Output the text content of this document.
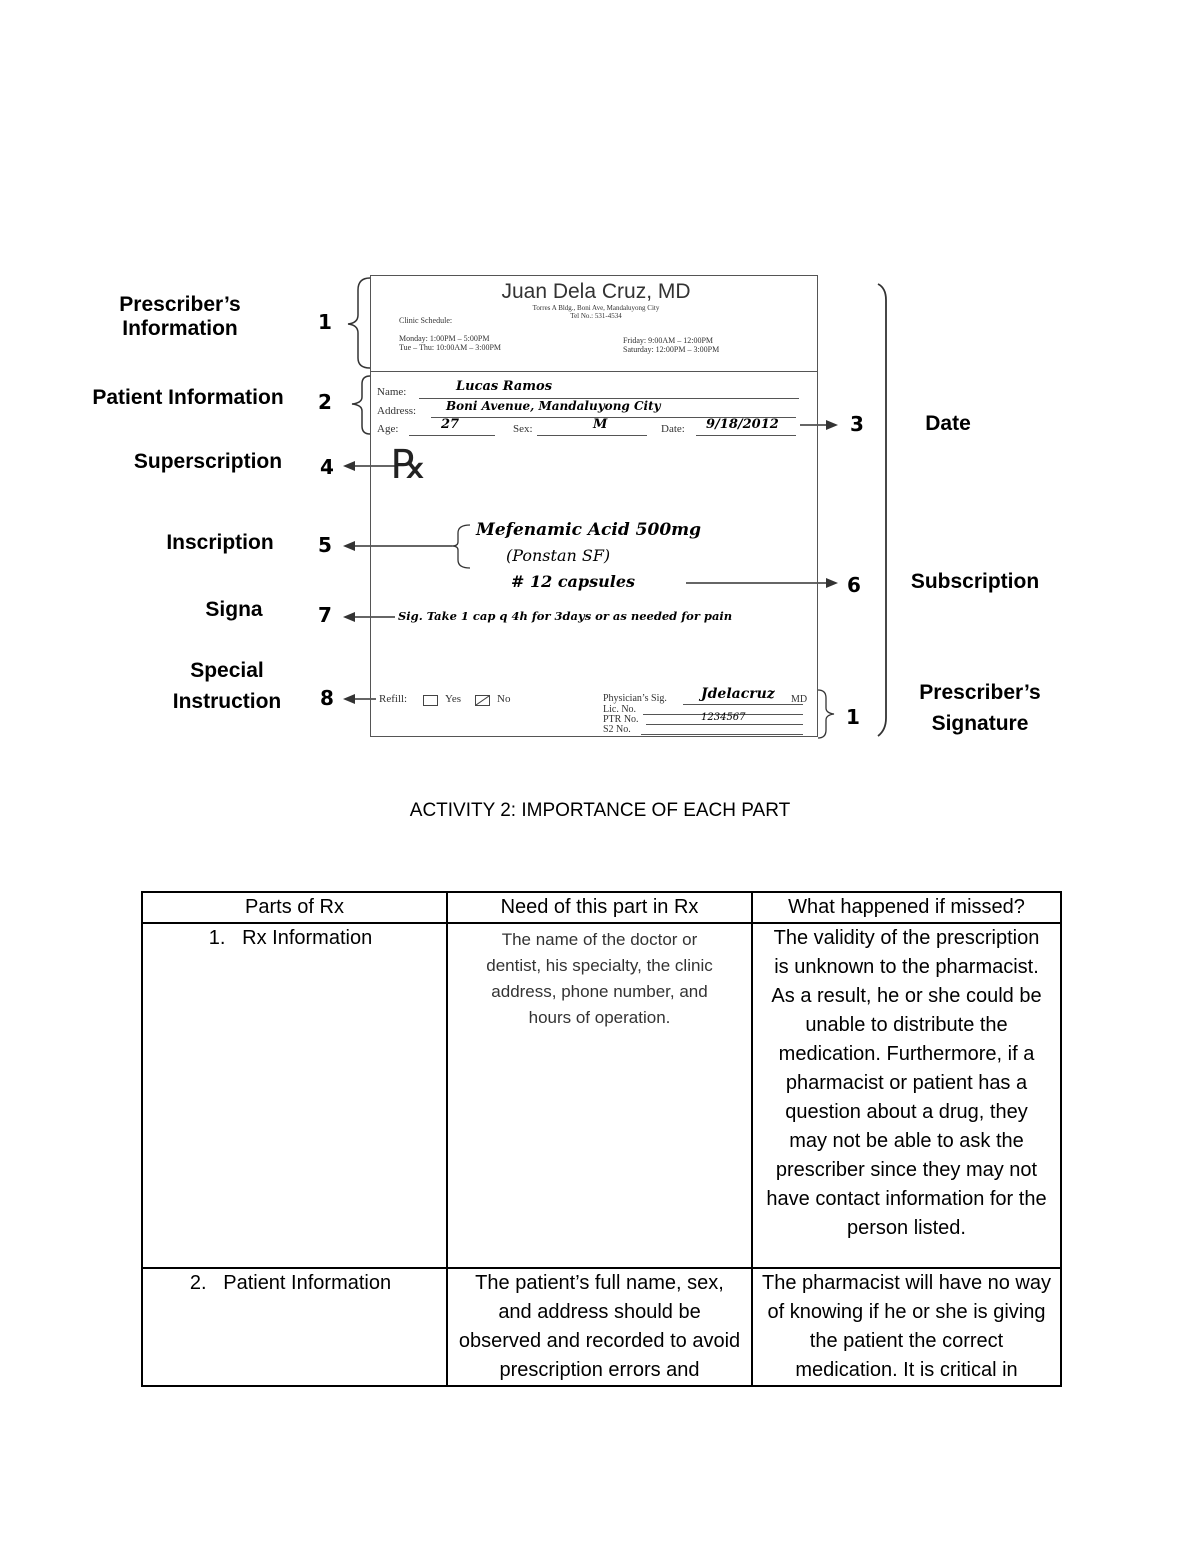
Prescriber’s Information
Patient Information
Superscription
Inscription
Signa
Special
Instruction
Date
Subscription
Prescriber’s
Signature
1
2
3
4
5
6
7
8
1
Juan Dela Cruz, MD
Torres A Bldg., Boni Ave, Mandaluyong City
Tel No.: 531-4534
Clinic Schedule:
Monday: 1:00PM – 5:00PM
Tue – Thu: 10:00AM – 3:00PM
Friday: 9:00AM – 12:00PM
Saturday: 12:00PM – 3:00PM
Name:	Lucas Ramos
Address: Boni Avenue, Mandaluyong City
Age:	27	Sex:	M	Date: 9/18/2012
℞
Mefenamic Acid 500mg
(Ponstan SF)
# 12 capsules
Sig. Take 1 cap q 4h for 3days or as needed for pain
Refill:	Yes	No	Physician’s Sig. Jdelacruz MD
Lic. No.
PTR No.	1234567
S2 No.
ACTIVITY 2: IMPORTANCE OF EACH PART
Parts of Rx	Need of this part in Rx	What happened if missed?
1.   Rx Information	The name of the doctor or dentist, his specialty, the clinic address, phone number, and hours of operation.	The validity of the prescription is unknown to the pharmacist. As a result, he or she could be unable to distribute the medication. Furthermore, if a pharmacist or patient has a question about a drug, they may not be able to ask the prescriber since they may not have contact information for the person listed.
2.   Patient Information	The patient’s full name, sex, and address should be observed and recorded to avoid prescription errors and	The pharmacist will have no way of knowing if he or she is giving the patient the correct medication. It is critical in
